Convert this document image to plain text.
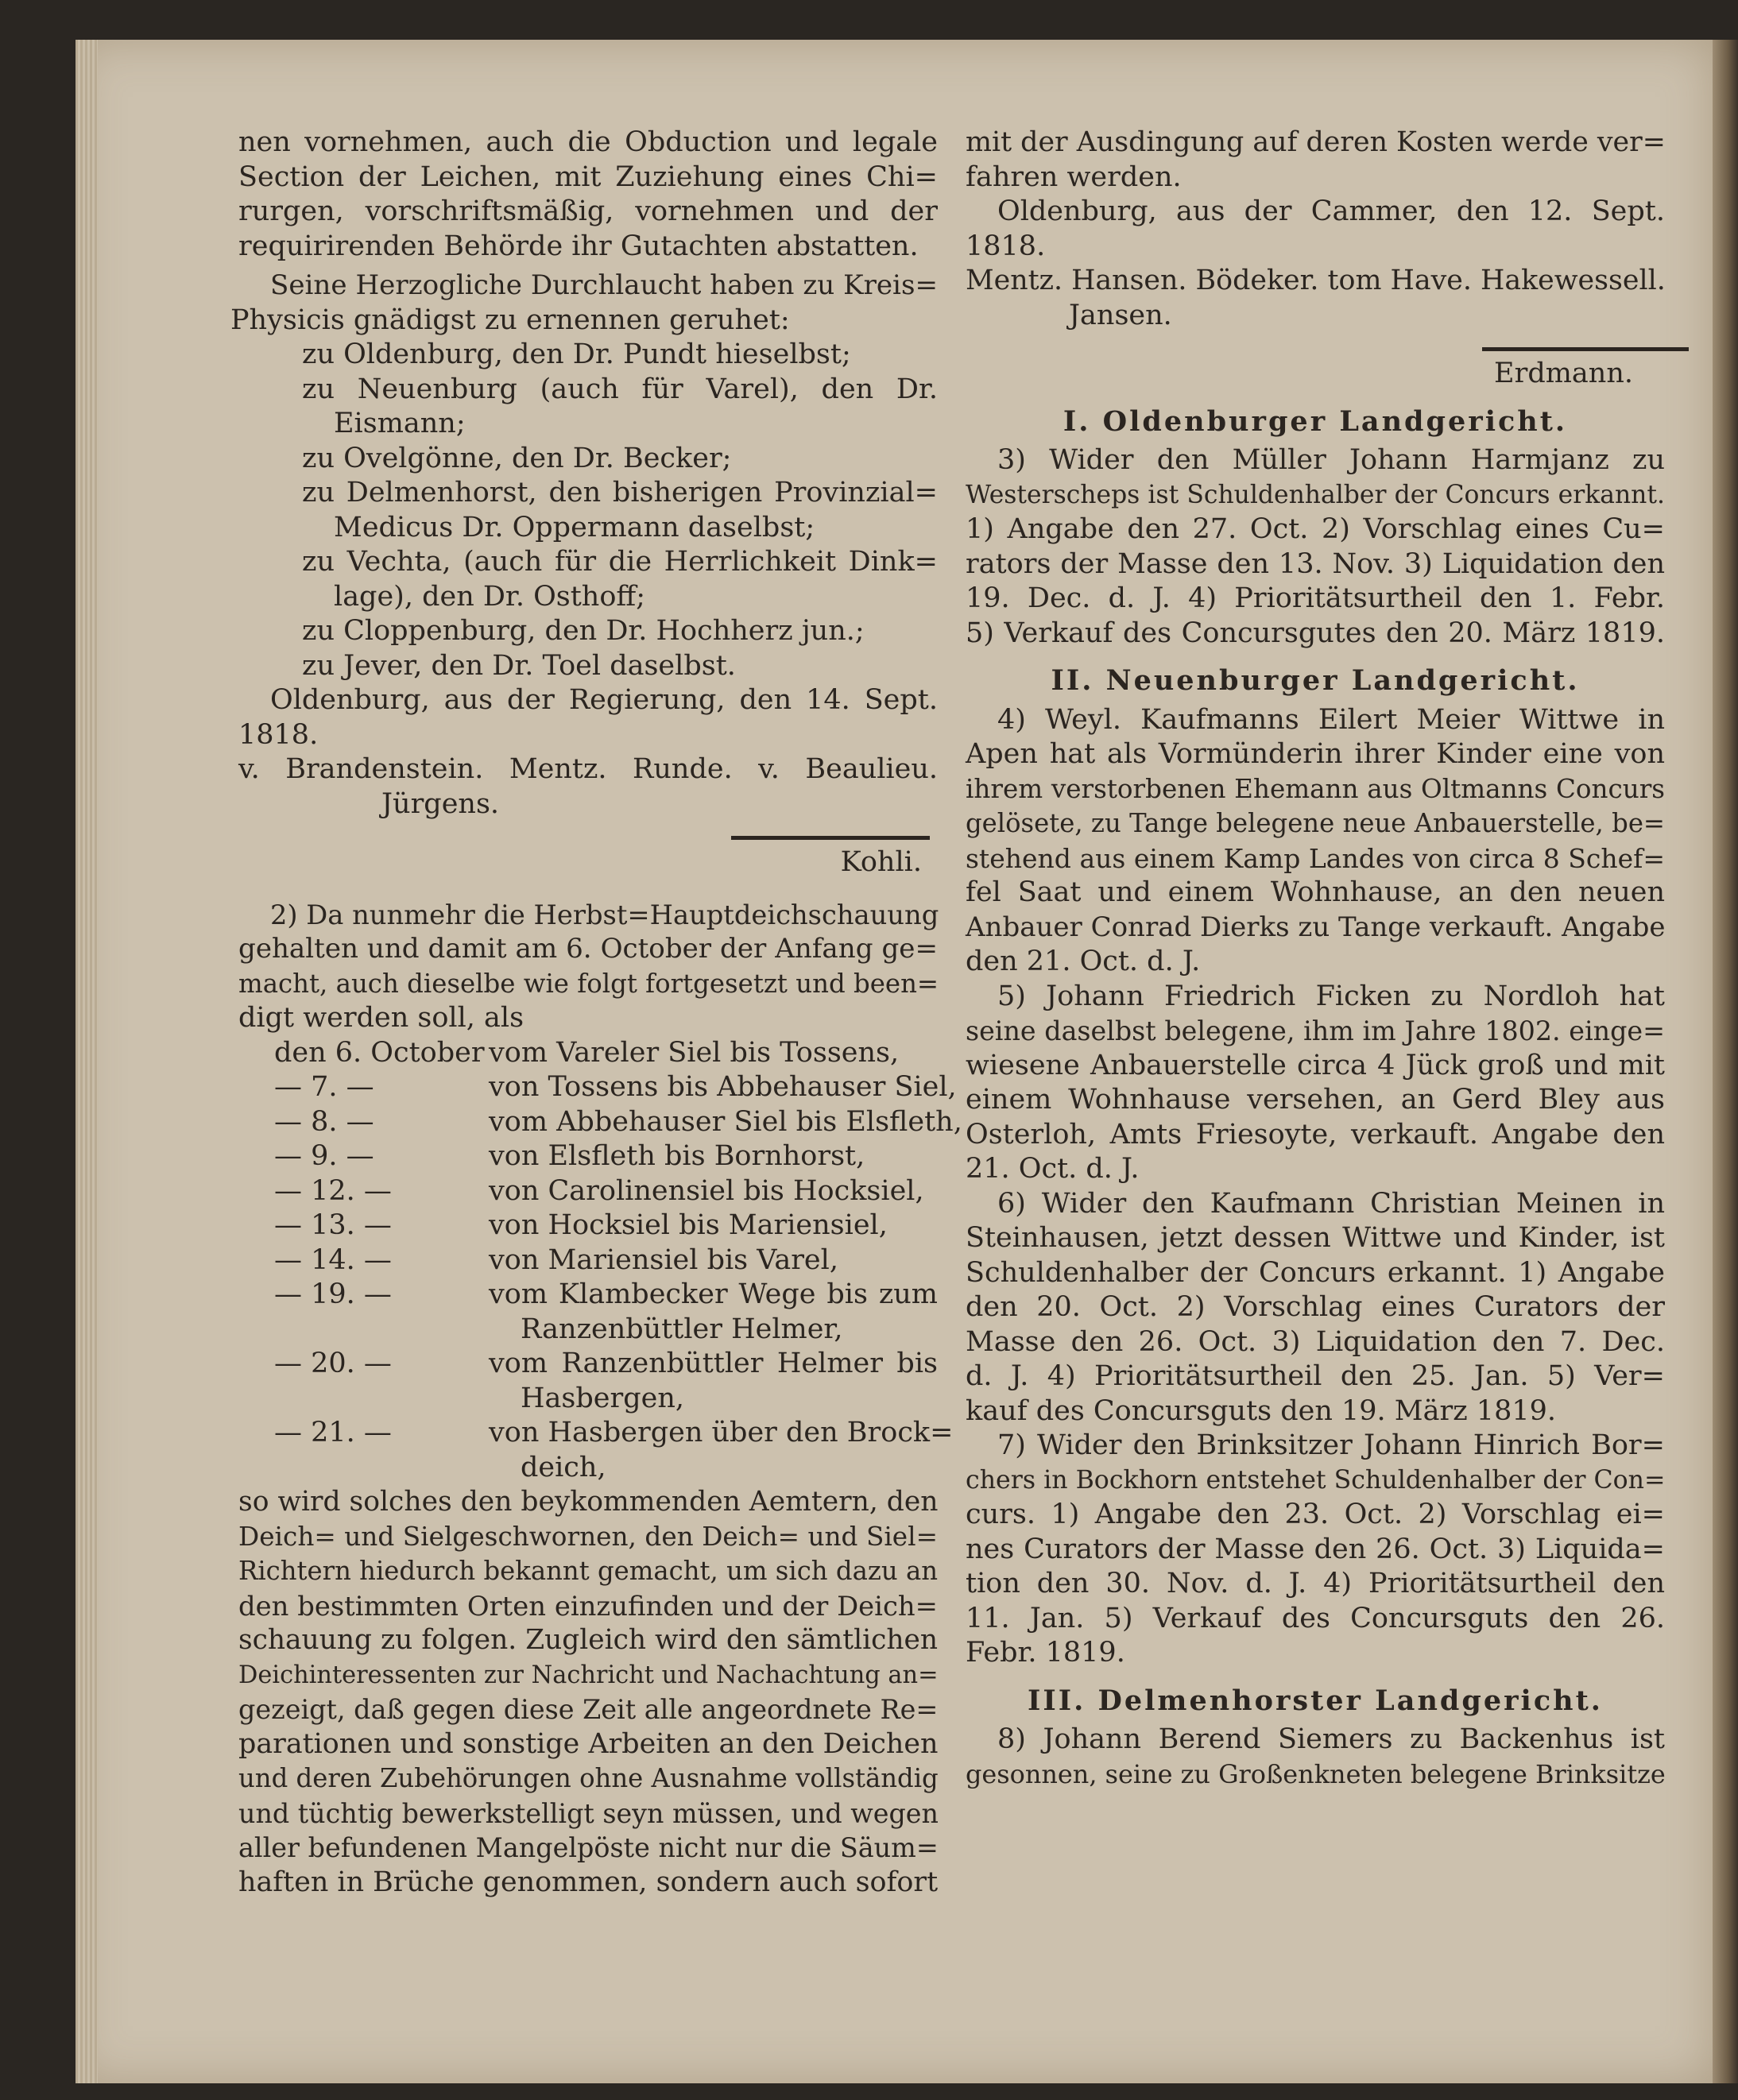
nen vornehmen, auch die Obduction und legale
Section der Leichen, mit Zuziehung eines Chi=
rurgen, vorschriftsmäßig, vornehmen und der
requirirenden Behörde ihr Gutachten abstatten.
Seine Herzogliche Durchlaucht haben zu Kreis=
Physicis gnädigst zu ernennen geruhet:
zu Oldenburg, den Dr. Pundt hieselbst;
zu Neuenburg (auch für Varel), den Dr.
Eismann;
zu Ovelgönne, den Dr. Becker;
zu Delmenhorst, den bisherigen Provinzial=
Medicus Dr. Oppermann daselbst;
zu Vechta, (auch für die Herrlichkeit Dink=
lage), den Dr. Osthoff;
zu Cloppenburg, den Dr. Hochherz jun.;
zu Jever, den Dr. Toel daselbst.
Oldenburg, aus der Regierung, den 14. Sept.
1818.
v. Brandenstein. Mentz. Runde. v. Beaulieu.
Jürgens.
Kohli.
2) Da nunmehr die Herbst=Hauptdeichschauung
gehalten und damit am 6. October der Anfang ge=
macht, auch dieselbe wie folgt fortgesetzt und been=
digt werden soll, als
den 6. October vom Vareler Siel bis Tossens,
— 7. —	von Tossens bis Abbehauser Siel,
— 8. —	vom Abbehauser Siel bis Elsfleth,
— 9. —	von Elsfleth bis Bornhorst,
— 12. —	von Carolinensiel bis Hocksiel,
— 13. —	von Hocksiel bis Mariensiel,
— 14. —	von Mariensiel bis Varel,
— 19. —	vom Klambecker Wege bis zum
Ranzenbüttler Helmer,
— 20. —	vom Ranzenbüttler Helmer bis
Hasbergen,
— 21. —	von Hasbergen über den Brock=
deich,
so wird solches den beykommenden Aemtern, den
Deich= und Sielgeschwornen, den Deich= und Siel=
Richtern hiedurch bekannt gemacht, um sich dazu an
den bestimmten Orten einzufinden und der Deich=
schauung zu folgen. Zugleich wird den sämtlichen
Deichinteressenten zur Nachricht und Nachachtung an=
gezeigt, daß gegen diese Zeit alle angeordnete Re=
parationen und sonstige Arbeiten an den Deichen
und deren Zubehörungen ohne Ausnahme vollständig
und tüchtig bewerkstelligt seyn müssen, und wegen
aller befundenen Mangelpöste nicht nur die Säum=
haften in Brüche genommen, sondern auch sofort
mit der Ausdingung auf deren Kosten werde ver=
fahren werden.
Oldenburg, aus der Cammer, den 12. Sept.
1818.
Mentz. Hansen. Bödeker. tom Have. Hakewessell.
Jansen.
Erdmann.
I. Oldenburger Landgericht.
3) Wider den Müller Johann Harmjanz zu
Westerscheps ist Schuldenhalber der Concurs erkannt.
1) Angabe den 27. Oct. 2) Vorschlag eines Cu=
rators der Masse den 13. Nov. 3) Liquidation den
19. Dec. d. J. 4) Prioritätsurtheil den 1. Febr.
5) Verkauf des Concursgutes den 20. März 1819.
II. Neuenburger Landgericht.
4) Weyl. Kaufmanns Eilert Meier Wittwe in
Apen hat als Vormünderin ihrer Kinder eine von
ihrem verstorbenen Ehemann aus Oltmanns Concurs
gelösete, zu Tange belegene neue Anbauerstelle, be=
stehend aus einem Kamp Landes von circa 8 Schef=
fel Saat und einem Wohnhause, an den neuen
Anbauer Conrad Dierks zu Tange verkauft. Angabe
den 21. Oct. d. J.
5) Johann Friedrich Ficken zu Nordloh hat
seine daselbst belegene, ihm im Jahre 1802. einge=
wiesene Anbauerstelle circa 4 Jück groß und mit
einem Wohnhause versehen, an Gerd Bley aus
Osterloh, Amts Friesoyte, verkauft. Angabe den
21. Oct. d. J.
6) Wider den Kaufmann Christian Meinen in
Steinhausen, jetzt dessen Wittwe und Kinder, ist
Schuldenhalber der Concurs erkannt. 1) Angabe
den 20. Oct. 2) Vorschlag eines Curators der
Masse den 26. Oct. 3) Liquidation den 7. Dec.
d. J. 4) Prioritätsurtheil den 25. Jan. 5) Ver=
kauf des Concursguts den 19. März 1819.
7) Wider den Brinksitzer Johann Hinrich Bor=
chers in Bockhorn entstehet Schuldenhalber der Con=
curs. 1) Angabe den 23. Oct. 2) Vorschlag ei=
nes Curators der Masse den 26. Oct. 3) Liquida=
tion den 30. Nov. d. J. 4) Prioritätsurtheil den
11. Jan. 5) Verkauf des Concursguts den 26.
Febr. 1819.
III. Delmenhorster Landgericht.
8) Johann Berend Siemers zu Backenhus ist
gesonnen, seine zu Großenkneten belegene Brinksitze
